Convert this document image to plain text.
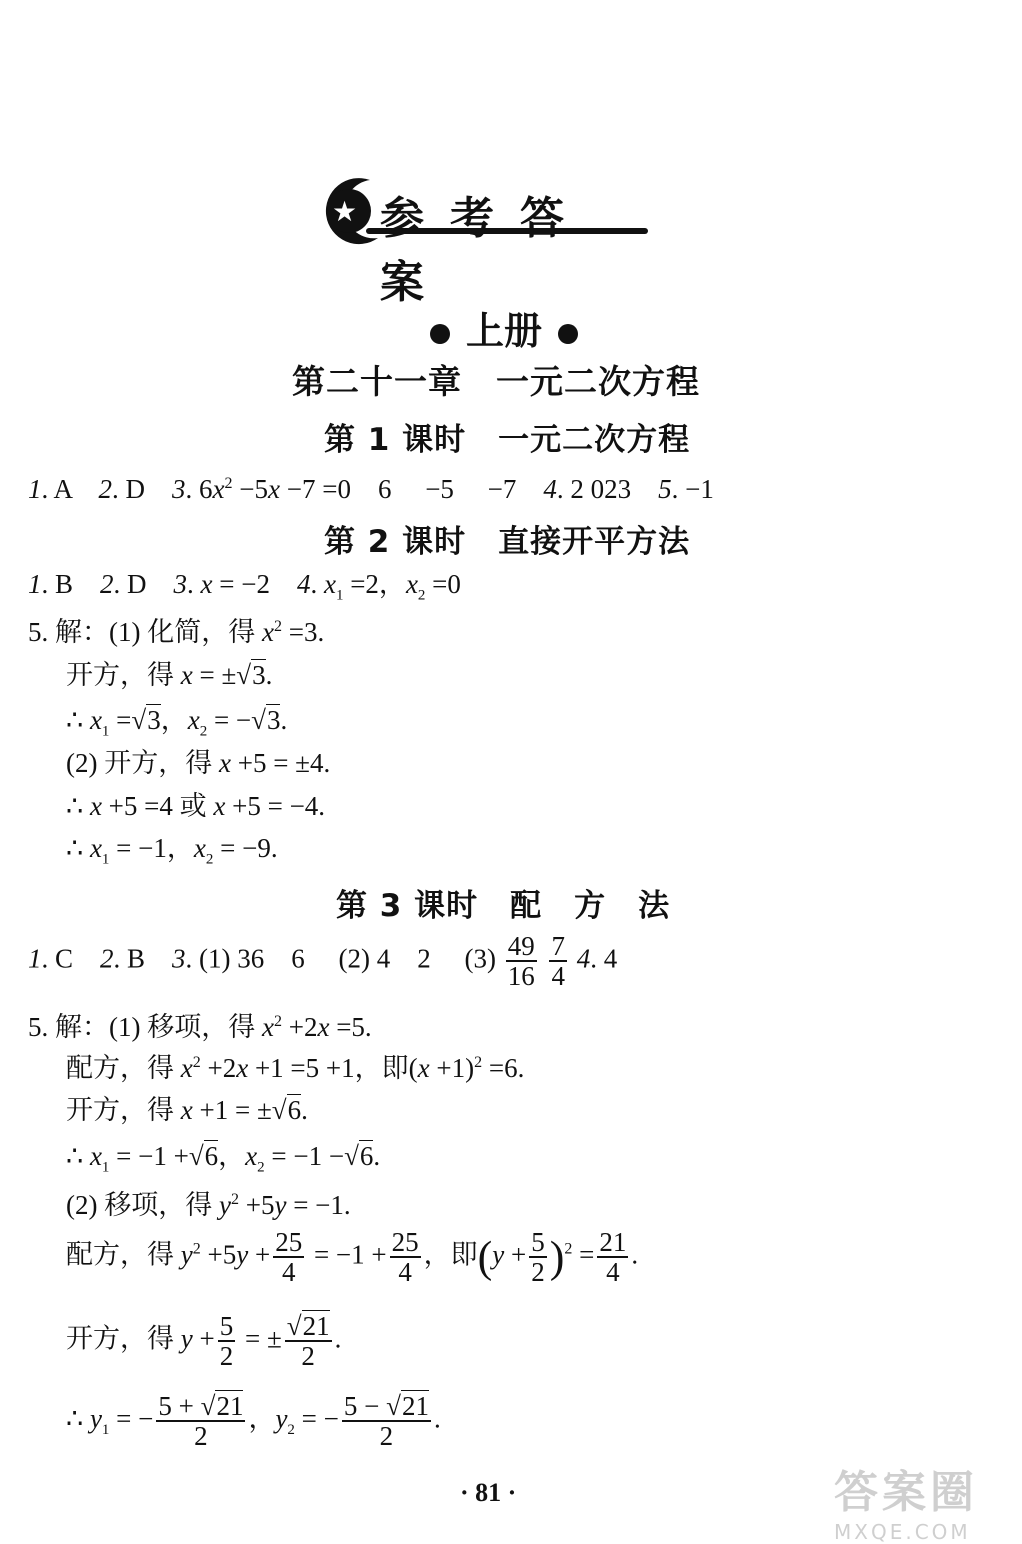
★ 参考答案
上册
第二十一章　一元二次方程
第 1 课时　一元二次方程
1. A　2. D　3. $6x^2 -5x -7 =0$　6　 −5　 −7　4. 2 023　5. −1
第 2 课时　直接开平方法
1. B　2. D　3. x = −2　4. $x_1 =2$，$x_2 =0$
5. 解：(1) 化简，得 $x^2 =3$.
开方，得 x = ±√3.
∴ $x_1 =√3$，$x_2 = -√3$.
(2) 开方，得 x +5 = ±4.
∴ x +5 =4 或 x +5 = −4.
∴ $x_1 = -1$，$x_2 = -9$.
第 3 课时　配　方　法
1. C　2. B　3. (1) 36　6　 (2) 4　2　 $(3) \frac{49}{16}$
$\frac{7}{4} 4$. 4
5. 解：(1) 移项，得 $x^2 +2x =5$.
配方，得 $x^2 +2x +1 =5 +1$，即$(x +1)^2 =6$.
开方，得 x +1 = ±√6.
∴ $x_1 = -1 +√6$，$x_2 = -1 -√6$.
(2) 移项，得 $y^2 +5y = -1$.
配方，得 $y^2 +5y + \frac{25}{4} = -1 + \frac{25}{4}$ ，即$(y + \frac{5}{2} )^2 = \frac{21}{4}$ .
开方，得 $y + \frac{5}{2}$ = ± $\frac{√21}{2}$ .
∴ $y_1$ = − $\frac{5 + √21}{2}$ ，$y_2$ = − $\frac{5 - √21}{2}$ .
· 81 ·	答案圈
MXQE.COM
